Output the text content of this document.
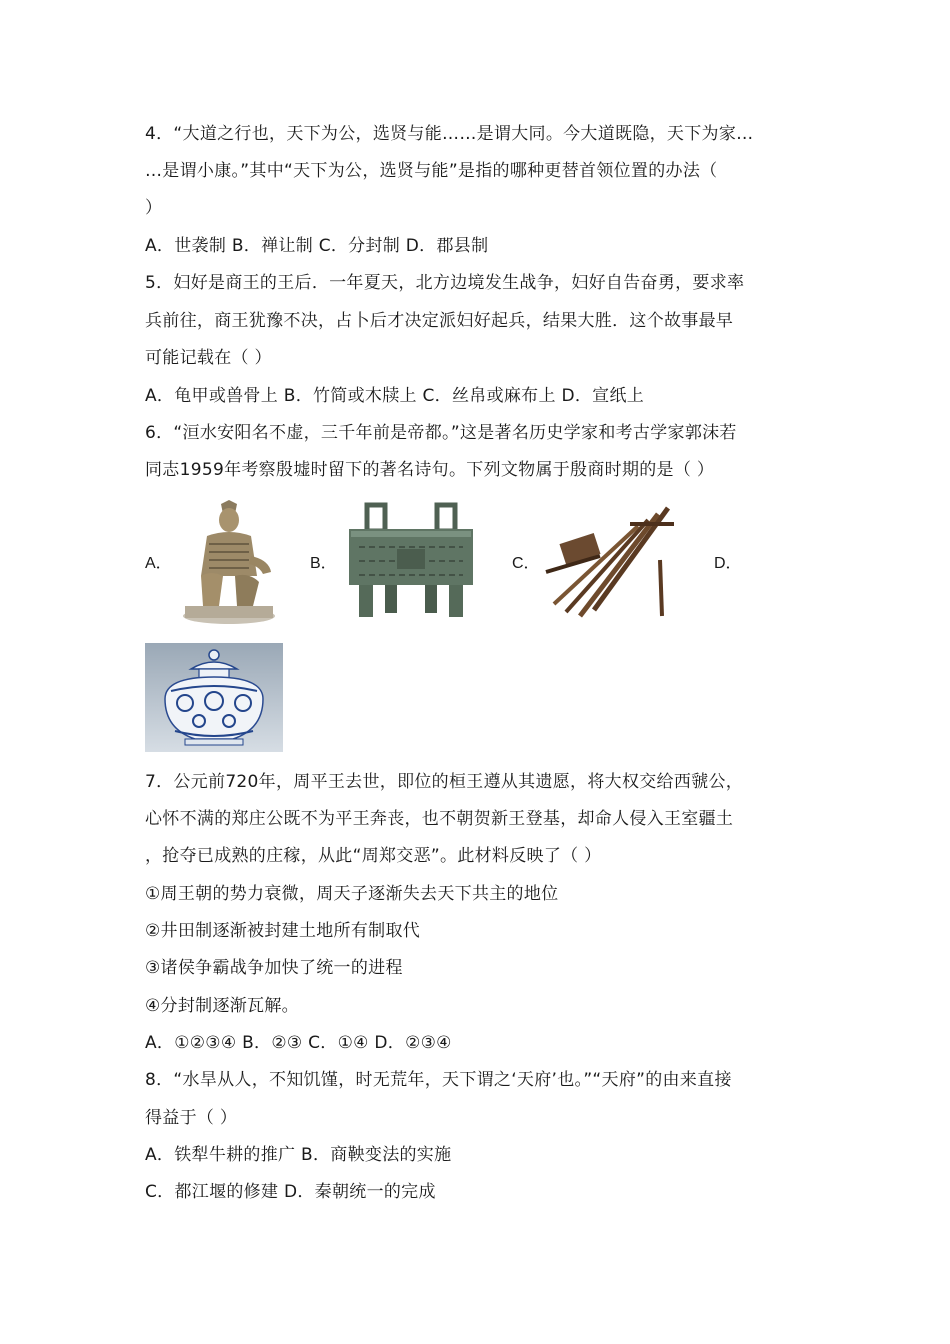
4．“大道之行也，天下为公，选贤与能……是谓大同。今大道既隐，天下为家…
…是谓小康。”其中“天下为公，选贤与能”是指的哪种更替首领位置的办法（
）
A．世袭制 B．禅让制 C．分封制 D．郡县制
5．妇好是商王的王后．一年夏天，北方边境发生战争，妇好自告奋勇，要求率
兵前往，商王犹豫不决，占卜后才决定派妇好起兵，结果大胜．这个故事最早
可能记载在（ ）
A．龟甲或兽骨上 B．竹简或木牍上 C．丝帛或麻布上 D．宣纸上
6．“洹水安阳名不虚，三千年前是帝都。”这是著名历史学家和考古学家郭沫若
同志1959年考察殷墟时留下的著名诗句。下列文物属于殷商时期的是（ ）
A．	B．	C．	D．
7．公元前720年，周平王去世，即位的桓王遵从其遗愿，将大权交给西虢公，
心怀不满的郑庄公既不为平王奔丧，也不朝贺新王登基，却命人侵入王室疆土
，抢夺已成熟的庄稼，从此“周郑交恶”。此材料反映了（ ）
①周王朝的势力衰微，周天子逐渐失去天下共主的地位
②井田制逐渐被封建土地所有制取代
③诸侯争霸战争加快了统一的进程
④分封制逐渐瓦解。
A．①②③④ B．②③ C．①④ D．②③④
8．“水旱从人，不知饥馑，时无荒年，天下谓之‘天府’也。”“天府”的由来直接
得益于（ ）
A．铁犁牛耕的推广 B．商鞅变法的实施
C．都江堰的修建 D．秦朝统一的完成
